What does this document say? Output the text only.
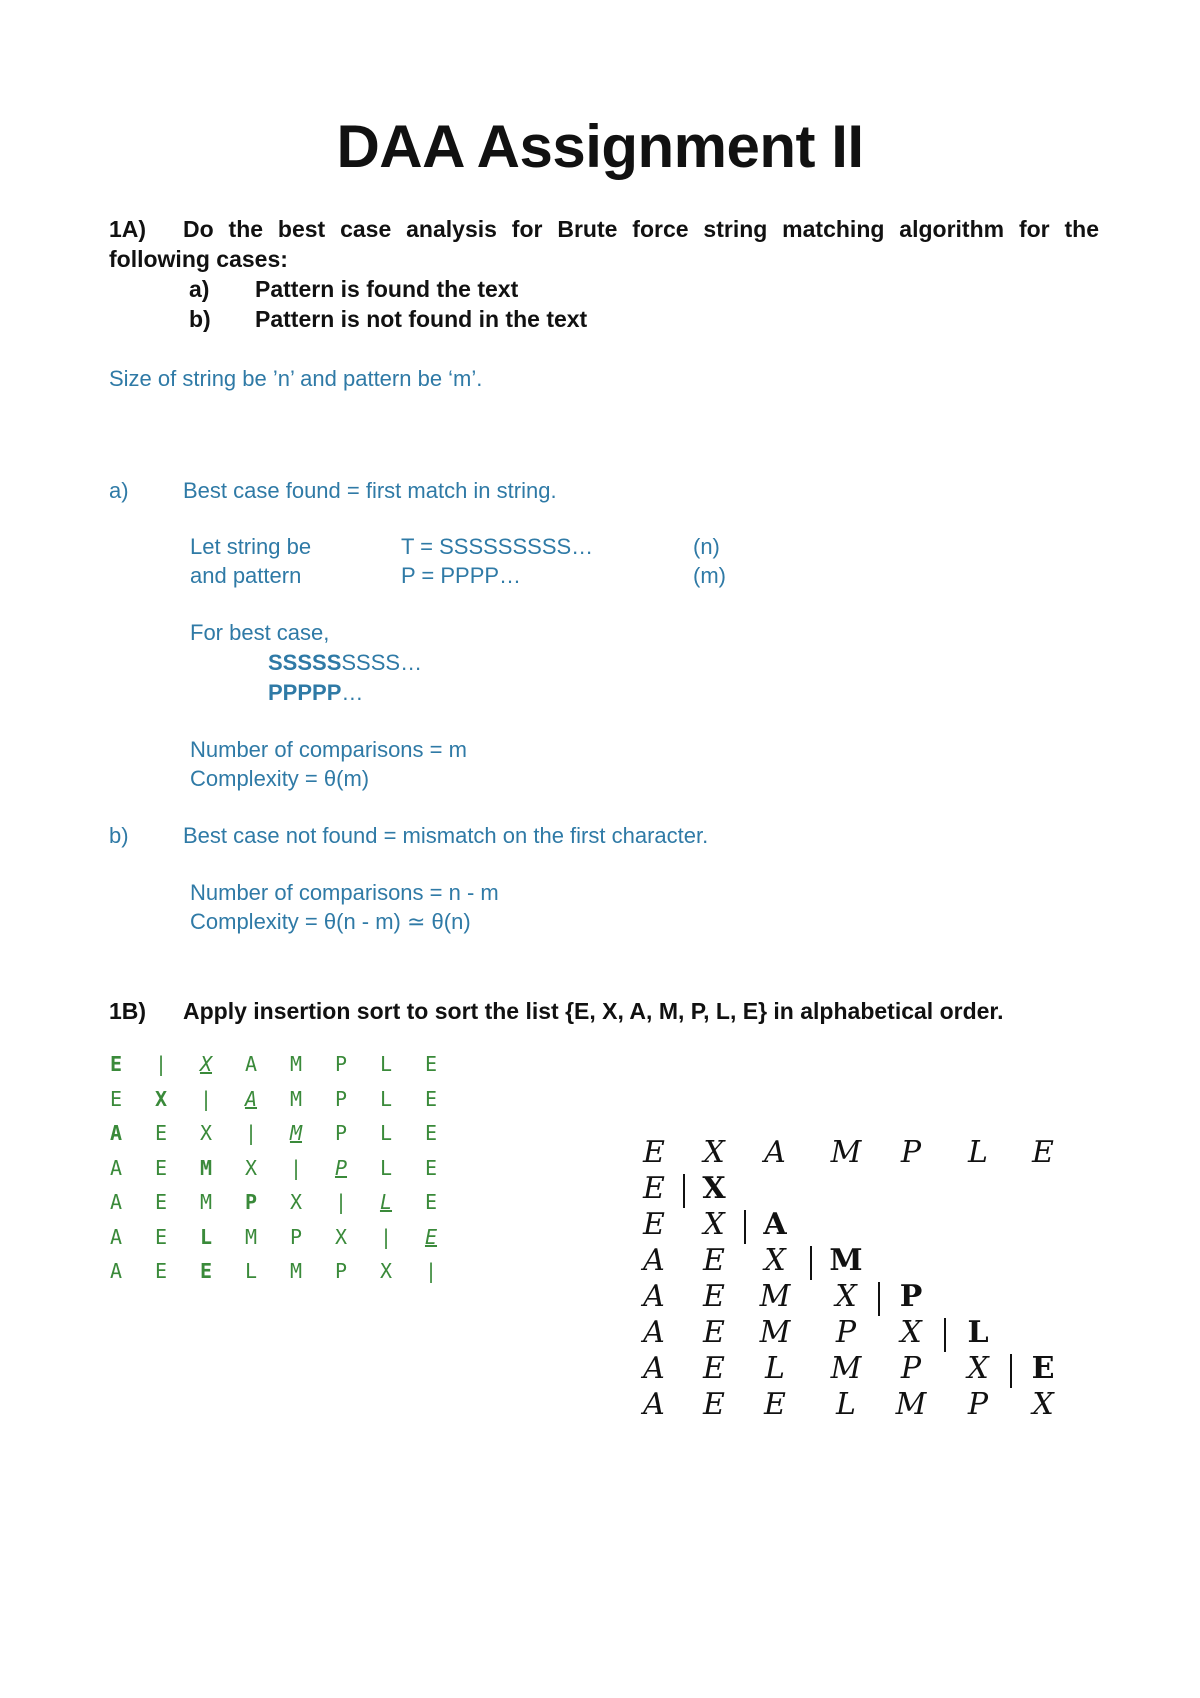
DAA Assignment II
1A) Do the best case analysis for Brute force string matching algorithm for the
following cases:
a) Pattern is found the text
b) Pattern is not found in the text
Size of string be ’n’ and pattern be ‘m’.
a) Best case found = first match in string.
Let string be	T = SSSSSSSSS…	(n)
and pattern	P = PPPP…	(m)
For best case,
SSSSSSSSS…
PPPPP…
Number of comparisons = m
Complexity = θ(m)
b) Best case not found = mismatch on the first character.
Number of comparisons = n - m
Complexity = θ(n - m) ≃ θ(n)
1B) Apply insertion sort to sort the list {E, X, A, M, P, L, E} in alphabetical order.
E	|	X	A	M	P	L	E
E	X	|	A	M	P	L	E
A	E	X	|	M	P	L	E
A	E	M	X	|	P	L	E
A	E	M	P	X	|	L	E
A	E	L	M	P	X	|	E
A	E	E	L	M	P	X	|
E	X	A	M	P	L	E
E	X
E	X	A
A	E	X	M
A	E	M	X	P
A	E	M	P	X	L
A	E	L	M	P	X	E
A	E	E	L	M	P	X
